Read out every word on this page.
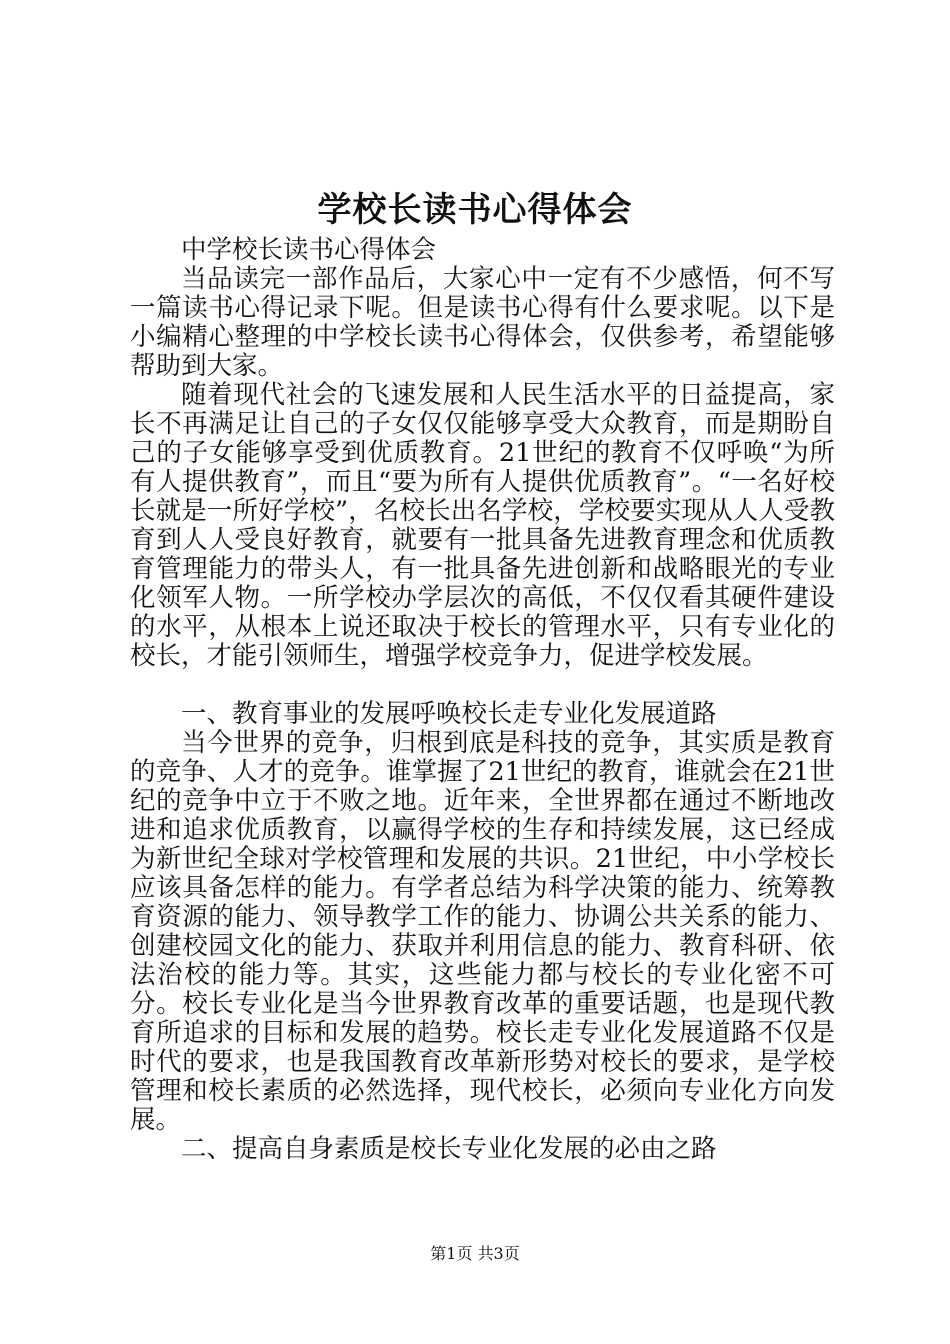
学校长读书心得体会

中学校长读书心得体会

当品读完一部作品后，大家心中一定有不少感悟，何不写一篇读书心得记录下呢。但是读书心得有什么要求呢。以下是小编精心整理的中学校长读书心得体会，仅供参考，希望能够帮助到大家。

随着现代社会的飞速发展和人民生活水平的日益提高，家长不再满足让自己的子女仅仅能够享受大众教育，而是期盼自己的子女能够享受到优质教育。21世纪的教育不仅呼唤“为所有人提供教育”，而且“要为所有人提供优质教育”。“一名好校长就是一所好学校”，名校长出名学校，学校要实现从人人受教育到人人受良好教育，就要有一批具备先进教育理念和优质教育管理能力的带头人，有一批具备先进创新和战略眼光的专业化领军人物。一所学校办学层次的高低，不仅仅看其硬件建设的水平，从根本上说还取决于校长的管理水平，只有专业化的校长，才能引领师生，增强学校竞争力，促进学校发展。

一、教育事业的发展呼唤校长走专业化发展道路

当今世界的竞争，归根到底是科技的竞争，其实质是教育的竞争、人才的竞争。谁掌握了21世纪的教育，谁就会在21世纪的竞争中立于不败之地。近年来，全世界都在通过不断地改进和追求优质教育，以赢得学校的生存和持续发展，这已经成为新世纪全球对学校管理和发展的共识。21世纪，中小学校长应该具备怎样的能力。有学者总结为科学决策的能力、统筹教育资源的能力、领导教学工作的能力、协调公共关系的能力、创建校园文化的能力、获取并利用信息的能力、教育科研、依法治校的能力等。其实，这些能力都与校长的专业化密不可分。校长专业化是当今世界教育改革的重要话题，也是现代教育所追求的目标和发展的趋势。校长走专业化发展道路不仅是时代的要求，也是我国教育改革新形势对校长的要求，是学校管理和校长素质的必然选择，现代校长，必须向专业化方向发展。

二、提高自身素质是校长专业化发展的必由之路

第1页 共3页
